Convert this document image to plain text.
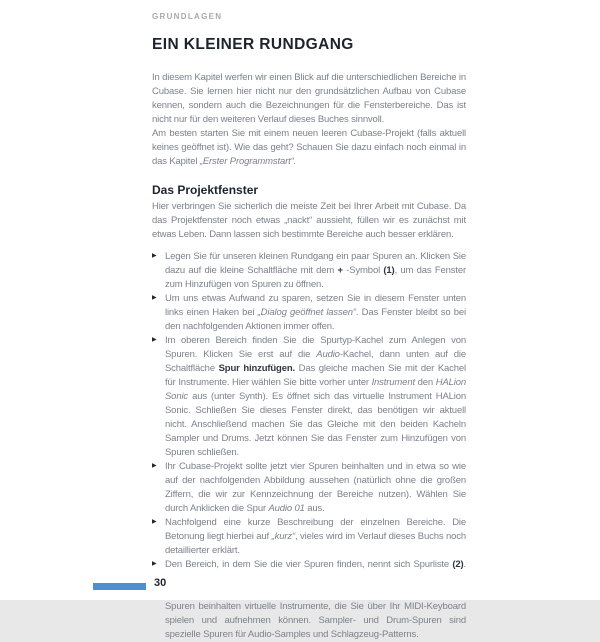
GRUNDLAGEN
EIN KLEINER RUNDGANG

In diesem Kapitel werfen wir einen Blick auf die unterschiedlichen Bereiche in Cubase. Sie lernen hier nicht nur den grundsätzlichen Aufbau von Cubase kennen, sondern auch die Bezeichnungen für die Fensterbereiche. Das ist nicht nur für den weiteren Verlauf dieses Buches sinnvoll.

Am besten starten Sie mit einem neuen leeren Cubase-Projekt (falls aktuell keines geöffnet ist). Wie das geht? Schauen Sie dazu einfach noch einmal in das Kapitel „Erster Programmstart“.

Das Projektfenster

Hier verbringen Sie sicherlich die meiste Zeit bei Ihrer Arbeit mit Cubase. Da das Projektfenster noch etwas „nackt“ aussieht, füllen wir es zunächst mit etwas Leben. Dann lassen sich bestimmte Bereiche auch besser erklären.

▶ Legen Sie für unseren kleinen Rundgang ein paar Spuren an. Klicken Sie dazu auf die kleine Schaltfläche mit dem + -Symbol (1), um das Fenster zum Hinzufügen von Spuren zu öffnen.
▶ Um uns etwas Aufwand zu sparen, setzen Sie in diesem Fenster unten links einen Haken bei „Dialog geöffnet lassen“. Das Fenster bleibt so bei den nachfolgenden Aktionen immer offen.
▶ Im oberen Bereich finden Sie die Spurtyp-Kachel zum Anlegen von Spuren. Klicken Sie erst auf die Audio-Kachel, dann unten auf die Schaltfläche Spur hinzufügen. Das gleiche machen Sie mit der Kachel für Instrumente. Hier wählen Sie bitte vorher unter Instrument den HALion Sonic aus (unter Synth). Es öffnet sich das virtuelle Instrument HALion Sonic. Schließen Sie dieses Fenster direkt, das benötigen wir aktuell nicht. Anschließend machen Sie das Gleiche mit den beiden Kacheln Sampler und Drums. Jetzt können Sie das Fenster zum Hinzufügen von Spuren schließen.
▶ Ihr Cubase-Projekt sollte jetzt vier Spuren beinhalten und in etwa so wie auf der nachfolgenden Abbildung aussehen (natürlich ohne die großen Ziffern, die wir zur Kennzeichnung der Bereiche nutzen). Wählen Sie durch Anklicken die Spur Audio 01 aus.
▶ Nachfolgend eine kurze Beschreibung der einzelnen Bereiche. Die Betonung liegt hierbei auf „kurz“, vieles wird im Verlauf dieses Buchs noch detaillierter erklärt.
▶ Den Bereich, in dem Sie die vier Spuren finden, nennt sich Spurliste (2). Spuren beinhalten virtuelle Instrumente, die Sie über Ihr MIDI-Keyboard spielen und aufnehmen können. Sampler- und Drum-Spuren sind spezielle Spuren für Audio-Samples und Schlagzeug-Patterns.
30
